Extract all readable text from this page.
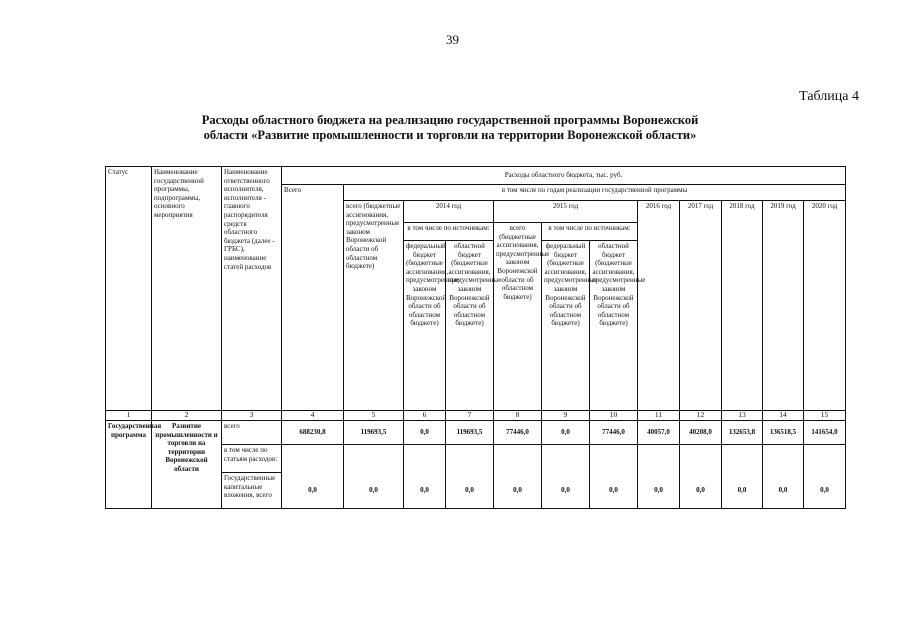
39
Таблица 4
Расходы областного бюджета на реализацию государственной программы Воронежской
области «Развитие промышленности и торговли на территории Воронежской области»
Статус	Наименование государственной программы, подпрограммы, основного мероприятия	Наименование ответственного исполнителя, исполнителя - главного распорядителя средств областного бюджета (далее - ГРБС), наименование статей расходов	Расходы областного бюджета, тыс. руб.											
			Всего	в том числе по годам реализации государственной программы										
				всего (бюджетные ассигнования, предусмотренные законом Воронежской области об областном бюджете)	2014 год		2015 год			2016 год	2017 год	2018 год	2019 год	2020 год
					в том числе по источникам:		всего (бюджетные ассигнования, предусмотренные законом Воронежской области об областном бюджете)	в том числе по источникам:						
					федеральный бюджет (бюджетные ассигнования, предусмотренные законом Воронежской области об областном бюджете)	областной бюджет (бюджетные ассигнования, предусмотренные законом Воронежской области об областном бюджете)		федеральный бюджет (бюджетные ассигнования, предусмотренные законом Воронежской области об областном бюджете)	областной бюджет (бюджетные ассигнования, предусмотренные законом Воронежской области об областном бюджете)					
1	2	3	4	5	6	7	8	9	10	11	12	13	14	15
Государственная программа	Развитие промышленности и торговли на территории Воронежской области	всего	688230,8	119693,5	0,0	119693,5	77446,0	0,0	77446,0	40057,0	40208,0	132653,8	136518,5	141654,0
		в том числе по статьям расходов:												
		Государственные капитальные вложения, всего	0,0	0,0	0,0	0,0	0,0	0,0	0,0	0,0	0,0	0,0	0,0	0,0
